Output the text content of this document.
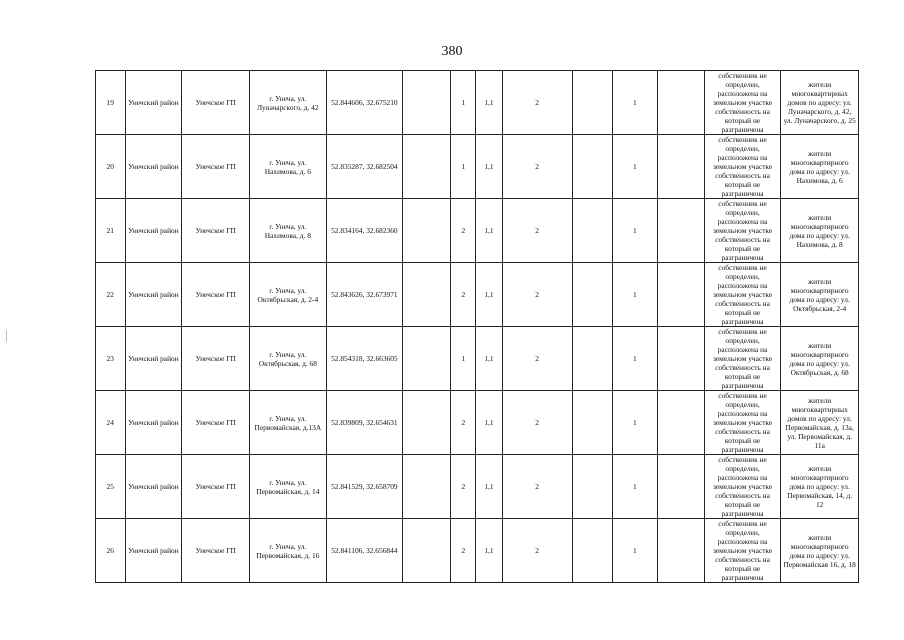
380
19	Унечский район	Унечское ГП	г. Унеча, ул. Луначарского, д. 42	52.844606, 32.675210		1	1,1	2		1		собственник не определен, расположена на земельном участке собственность на который не разграничена	жители многоквартирных домов по адресу: ул. Луначарского, д. 42, ул. Луначарского, д. 25
20	Унечский район	Унечское ГП	г. Унеча, ул. Нахимова, д. 6	52.835287, 32.682504		1	1,1	2		1		собственник не определен, расположена на земельном участке собственность на который не разграничена	жители многоквартирного дома по адресу: ул. Нахимова, д. 6
21	Унечский район	Унечское ГП	г. Унеча, ул. Нахимова, д. 8	52.834164, 32.682360		2	1,1	2		1		собственник не определен, расположена на земельном участке собственность на который не разграничена	жители многоквартирного дома по адресу: ул. Нахимова, д. 8
22	Унечский район	Унечское ГП	г. Унеча, ул. Октябрьская, д. 2-4	52.843626, 32.673971		2	1,1	2		1		собственник не определен, расположена на земельном участке собственность на который не разграничена	жители многоквартирного дома по адресу: ул. Октябрьская, 2-4
23	Унечский район	Унечское ГП	г. Унеча, ул. Октябрьская, д. 68	52.854318, 32.663605		1	1,1	2		1		собственник не определен, расположена на земельном участке собственность на который не разграничена	жители многоквартирного дома по адресу: ул. Октябрьская, д. 68
24	Унечский район	Унечское ГП	г. Унеча, ул. Первомайская, д.13А	52.839809, 32.654631		2	1,1	2		1		собственник не определен, расположена на земельном участке собственность на который не разграничена	жители многоквартирных домов по адресу: ул. Первомайская, д. 13а, ул. Первомайская, д. 11а
25	Унечский район	Унечское ГП	г. Унеча, ул. Первомайская, д. 14	52.841529, 32.658709		2	1,1	2		1		собственник не определен, расположена на земельном участке собственность на который не разграничена	жители многоквартирного дома по адресу: ул. Первомайская, 14, д. 12
26	Унечский район	Унечское ГП	г. Унеча, ул. Первомайская, д. 16	52.841106, 32.656844		2	1,1	2		1		собственник не определен, расположена на земельном участке собственность на который не разграничена	жители многоквартирного дома по адресу: ул. Первомайская 16, д. 18
